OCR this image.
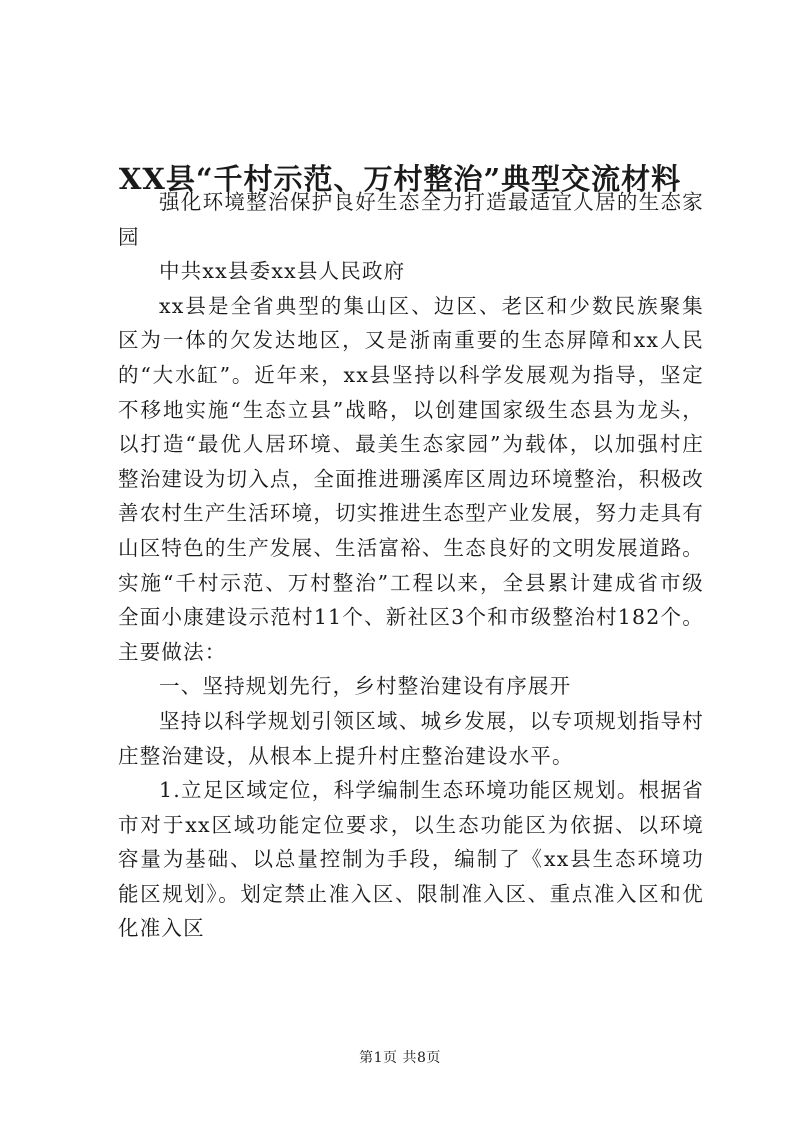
XX县“千村示范、万村整治”典型交流材料

强化环境整治保护良好生态全力打造最适宜人居的生态家园

中共xx县委xx县人民政府

xx县是全省典型的集山区、边区、老区和少数民族聚集区为一体的欠发达地区，又是浙南重要的生态屏障和xx人民的“大水缸”。近年来，xx县坚持以科学发展观为指导，坚定不移地实施“生态立县”战略，以创建国家级生态县为龙头，以打造“最优人居环境、最美生态家园”为载体，以加强村庄整治建设为切入点，全面推进珊溪库区周边环境整治，积极改善农村生产生活环境，切实推进生态型产业发展，努力走具有山区特色的生产发展、生活富裕、生态良好的文明发展道路。实施“千村示范、万村整治”工程以来，全县累计建成省市级全面小康建设示范村11个、新社区3个和市级整治村182个。主要做法：

一、坚持规划先行，乡村整治建设有序展开

坚持以科学规划引领区域、城乡发展，以专项规划指导村庄整治建设，从根本上提升村庄整治建设水平。

1.立足区域定位，科学编制生态环境功能区规划。根据省市对于xx区域功能定位要求，以生态功能区为依据、以环境容量为基础、以总量控制为手段，编制了《xx县生态环境功能区规划》。划定禁止准入区、限制准入区、重点准入区和优化准入区

第1页 共8页
